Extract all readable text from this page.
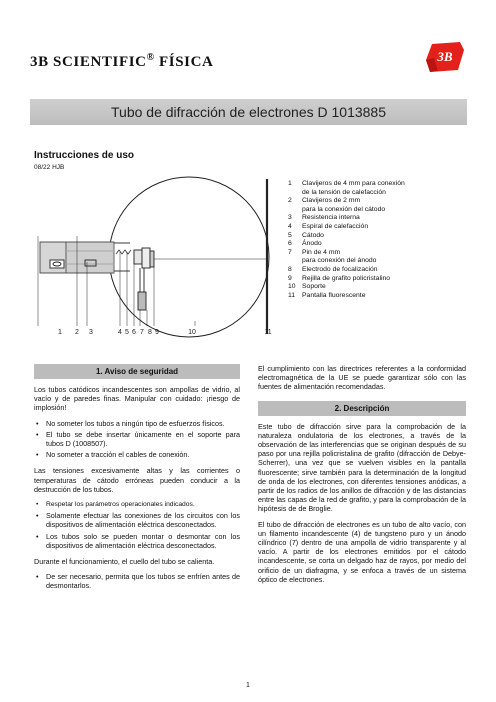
3B SCIENTIFIC® FÍSICA	3B
Tubo de difracción de electrones D 1013885
Instrucciones de uso
08/22 HJB
1 2 3	4 5 6 7 8 9	10	11
1	Clavijeros de 4 mm para conexión
de la tensión de calefacción
2	Clavijeros de 2 mm
para la conexión del cátodo
3	Resistencia interna
4	Espiral de calefacción
5	Cátodo
6	Ánodo
7	Pin de 4 mm
para conexión del ánodo
8	Electrodo de focalización
9	Rejilla de grafito policristalino
10 Soporte
11	Pantalla fluorescente
1. Aviso de seguridad

Los tubos catódicos incandescentes son ampollas de vidrio, al vacío y de paredes finas. Manipular con cuidado: ¡riesgo de implosión!

• No someter los tubos a ningún tipo de esfuerzos físicos.
• El tubo se debe insertar únicamente en el soporte para tubos D (1008507).
• No someter a tracción el cables de conexión.

Las tensiones excesivamente altas y las corrientes o temperaturas de cátodo erróneas pueden conducir a la destrucción de los tubos.

• Respetar los parámetros operacionales indicados.
• Solamente efectuar las conexiones de los circuitos con los dispositivos de alimentación eléctrica desconectados.
• Los tubos solo se pueden montar o desmontar con los dispositivos de alimentación eléctrica desconectados.

Durante el funcionamiento, el cuello del tubo se calienta.

• De ser necesario, permita que los tubos se enfríen antes de desmontarlos.

El cumplimiento con las directrices referentes a la conformidad electromagnética de la UE se puede garantizar sólo con las fuentes de alimentación recomendadas.

2. Descripción

Este tubo de difracción sirve para la comprobación de la naturaleza ondulatoria de los electrones, a través de la observación de las interferencias que se originan después de su paso por una rejilla policristalina de grafito (difracción de Debye-Scherrer), una vez que se vuelven visibles en la pantalla fluorescente; sirve también para la determinación de la longitud de onda de los electrones, con diferentes tensiones anódicas, a partir de los radios de los anillos de difracción y de las distancias entre las capas de la red de grafito, y para la comprobación de la hipótesis de de Broglie.

El tubo de difracción de electrones es un tubo de alto vacío, con un filamento incandescente (4) de tungsteno puro y un ánodo cilíndrico (7) dentro de una ampolla de vidrio transparente y al vacío. A partir de los electrones emitidos por el cátodo incandescente, se corta un delgado haz de rayos, por medio del orificio de un diafragma, y se enfoca a través de un sistema óptico de electrones.

1
